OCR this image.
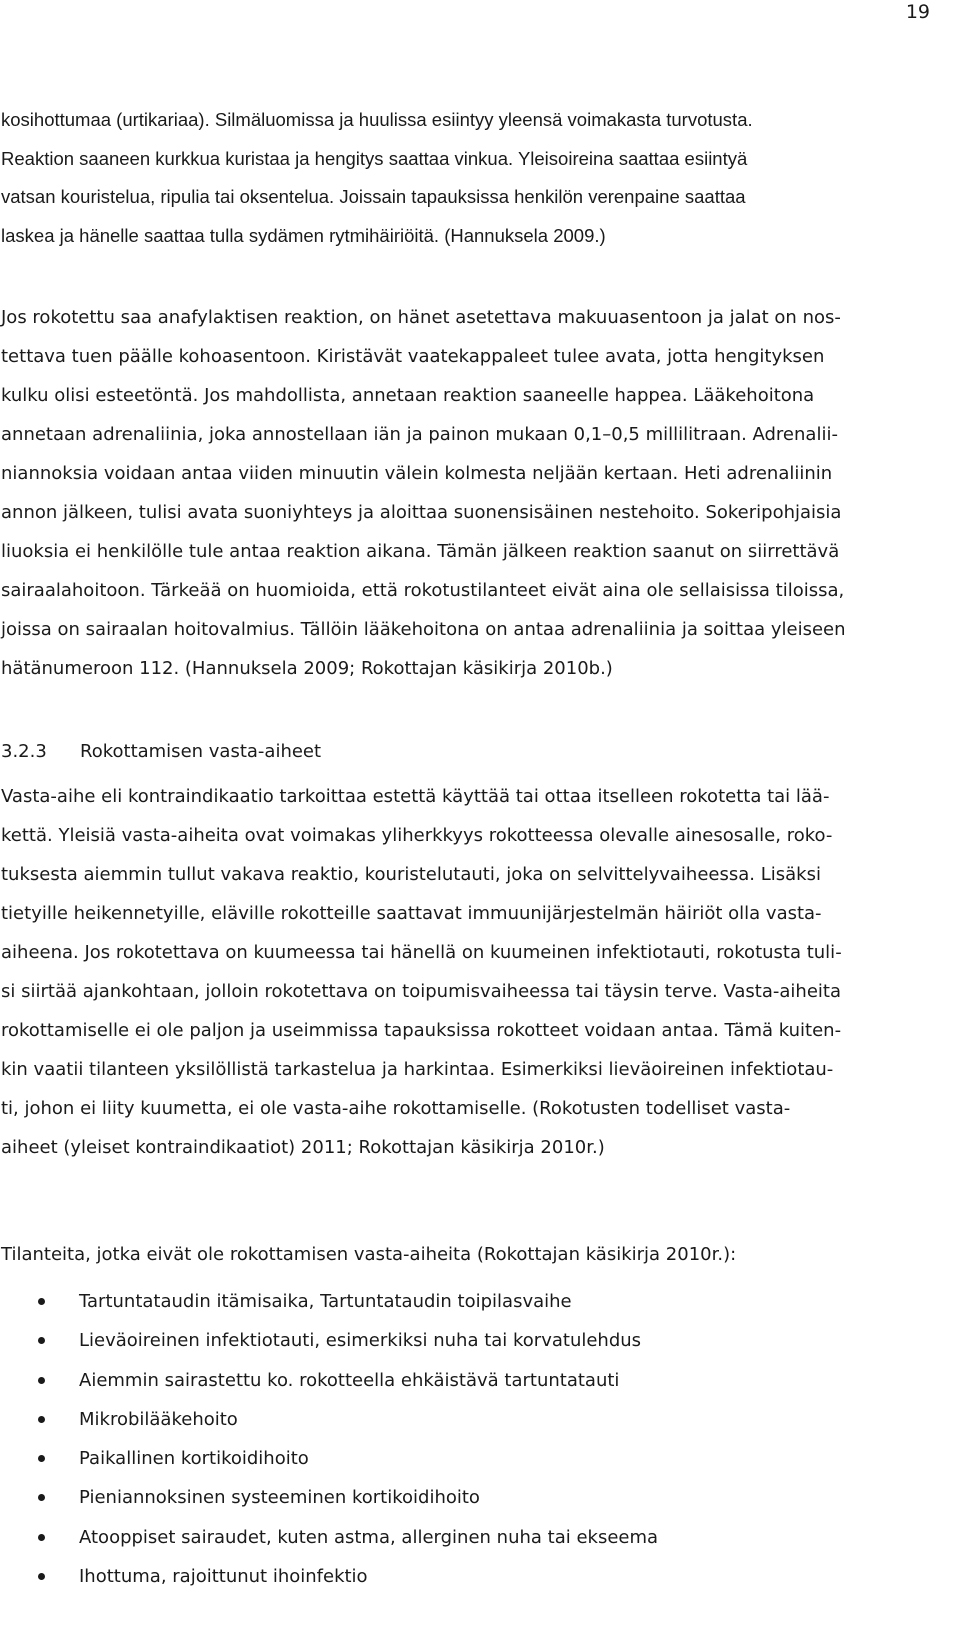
19

kosihottumaa (urtikariaa). Silmäluomissa ja huulissa esiintyy yleensä voimakasta turvotusta.
Reaktion saaneen kurkkua kuristaa ja hengitys saattaa vinkua. Yleisoireina saattaa esiintyä
vatsan kouristelua, ripulia tai oksentelua. Joissain tapauksissa henkilön verenpaine saattaa
laskea ja hänelle saattaa tulla sydämen rytmihäiriöitä. (Hannuksela 2009.)

Jos rokotettu saa anafylaktisen reaktion, on hänet asetettava makuuasentoon ja jalat on nos-
tettava tuen päälle kohoasentoon. Kiristävät vaatekappaleet tulee avata, jotta hengityksen
kulku olisi esteetöntä. Jos mahdollista, annetaan reaktion saaneelle happea. Lääkehoitona
annetaan adrenaliinia, joka annostellaan iän ja painon mukaan 0,1–0,5 millilitraan. Adrenalii-
niannoksia voidaan antaa viiden minuutin välein kolmesta neljään kertaan. Heti adrenaliinin
annon jälkeen, tulisi avata suoniyhteys ja aloittaa suonensisäinen nestehoito. Sokeripohjaisia
liuoksia ei henkilölle tule antaa reaktion aikana. Tämän jälkeen reaktion saanut on siirrettävä
sairaalahoitoon. Tärkeää on huomioida, että rokotustilanteet eivät aina ole sellaisissa tiloissa,
joissa on sairaalan hoitovalmius. Tällöin lääkehoitona on antaa adrenaliinia ja soittaa yleiseen
hätänumeroon 112. (Hannuksela 2009; Rokottajan käsikirja 2010b.)

3.2.3 Rokottamisen vasta-aiheet

Vasta-aihe eli kontraindikaatio tarkoittaa estettä käyttää tai ottaa itselleen rokotetta tai lää-
kettä. Yleisiä vasta-aiheita ovat voimakas yliherkkyys rokotteessa olevalle ainesosalle, roko-
tuksesta aiemmin tullut vakava reaktio, kouristelutauti, joka on selvittelyvaiheessa. Lisäksi
tietyille heikennetyille, eläville rokotteille saattavat immuunijärjestelmän häiriöt olla vasta-
aiheena. Jos rokotettava on kuumeessa tai hänellä on kuumeinen infektiotauti, rokotusta tuli-
si siirtää ajankohtaan, jolloin rokotettava on toipumisvaiheessa tai täysin terve. Vasta-aiheita
rokottamiselle ei ole paljon ja useimmissa tapauksissa rokotteet voidaan antaa. Tämä kuiten-
kin vaatii tilanteen yksilöllistä tarkastelua ja harkintaa. Esimerkiksi lieväoireinen infektiotau-
ti, johon ei liity kuumetta, ei ole vasta-aihe rokottamiselle. (Rokotusten todelliset vasta-
aiheet (yleiset kontraindikaatiot) 2011; Rokottajan käsikirja 2010r.)

Tilanteita, jotka eivät ole rokottamisen vasta-aiheita (Rokottajan käsikirja 2010r.):

Tartuntataudin itämisaika, Tartuntataudin toipilasvaihe
Lieväoireinen infektiotauti, esimerkiksi nuha tai korvatulehdus
Aiemmin sairastettu ko. rokotteella ehkäistävä tartuntatauti
Mikrobilääkehoito
Paikallinen kortikoidihoito
Pieniannoksinen systeeminen kortikoidihoito
Atooppiset sairaudet, kuten astma, allerginen nuha tai ekseema
Ihottuma, rajoittunut ihoinfektio
